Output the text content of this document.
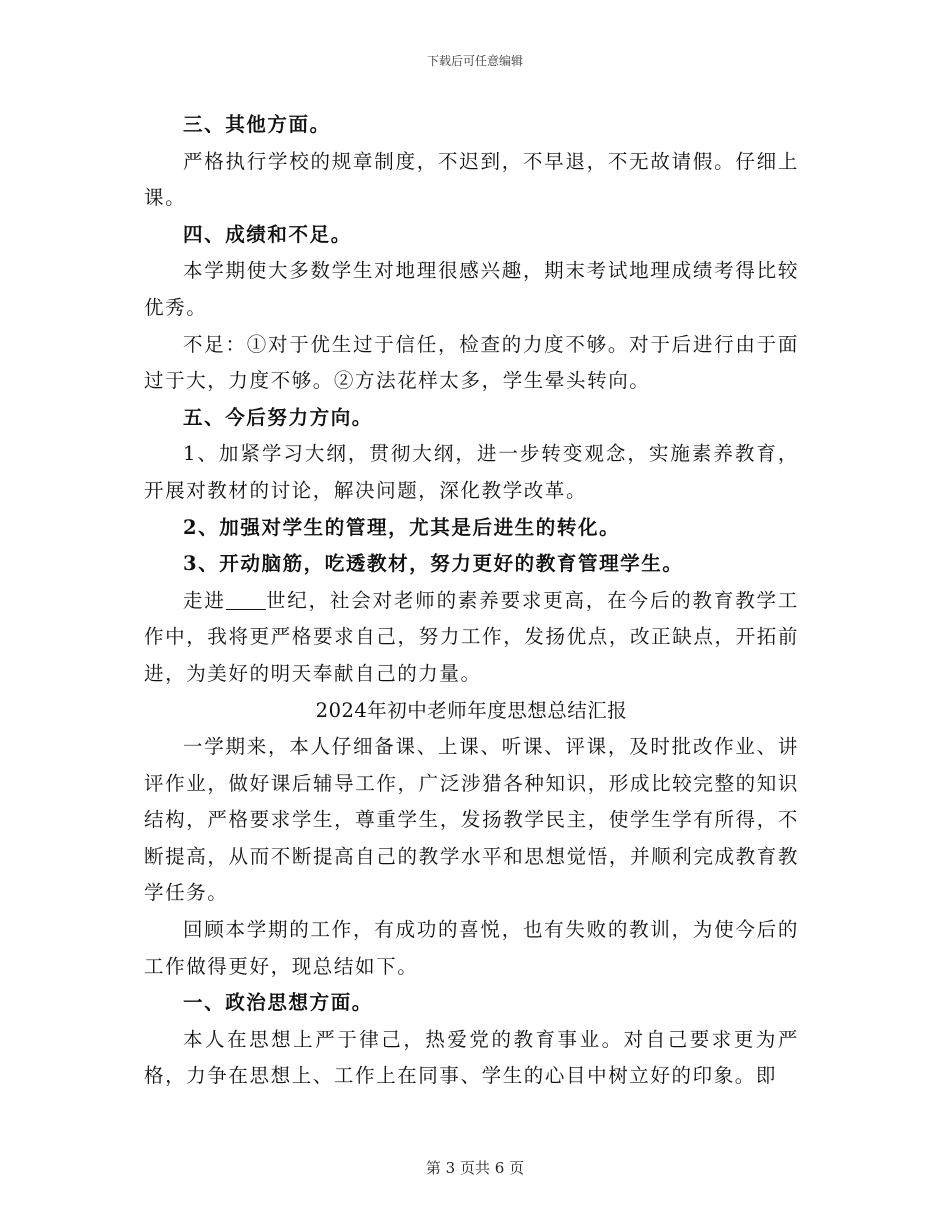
下载后可任意编辑

三、其他方面。

严格执行学校的规章制度，不迟到，不早退，不无故请假。仔细上课。

四、成绩和不足。

本学期使大多数学生对地理很感兴趣，期末考试地理成绩考得比较优秀。

不足：①对于优生过于信任，检查的力度不够。对于后进行由于面过于大，力度不够。②方法花样太多，学生晕头转向。

五、今后努力方向。

1、加紧学习大纲，贯彻大纲，进一步转变观念，实施素养教育，开展对教材的讨论，解决问题，深化教学改革。

2、加强对学生的管理，尤其是后进生的转化。

3、开动脑筋，吃透教材，努力更好的教育管理学生。

走进 世纪，社会对老师的素养要求更高，在今后的教育教学工作中，我将更严格要求自己，努力工作，发扬优点，改正缺点，开拓前进，为美好的明天奉献自己的力量。

2024年初中老师年度思想总结汇报

一学期来，本人仔细备课、上课、听课、评课，及时批改作业、讲评作业，做好课后辅导工作，广泛涉猎各种知识，形成比较完整的知识结构，严格要求学生，尊重学生，发扬教学民主，使学生学有所得，不断提高，从而不断提高自己的教学水平和思想觉悟，并顺利完成教育教学任务。

回顾本学期的工作，有成功的喜悦，也有失败的教训，为使今后的工作做得更好，现总结如下。

一、政治思想方面。

本人在思想上严于律己，热爱党的教育事业。对自己要求更为严格，力争在思想上、工作上在同事、学生的心目中树立好的印象。即

第 3 页共 6 页
